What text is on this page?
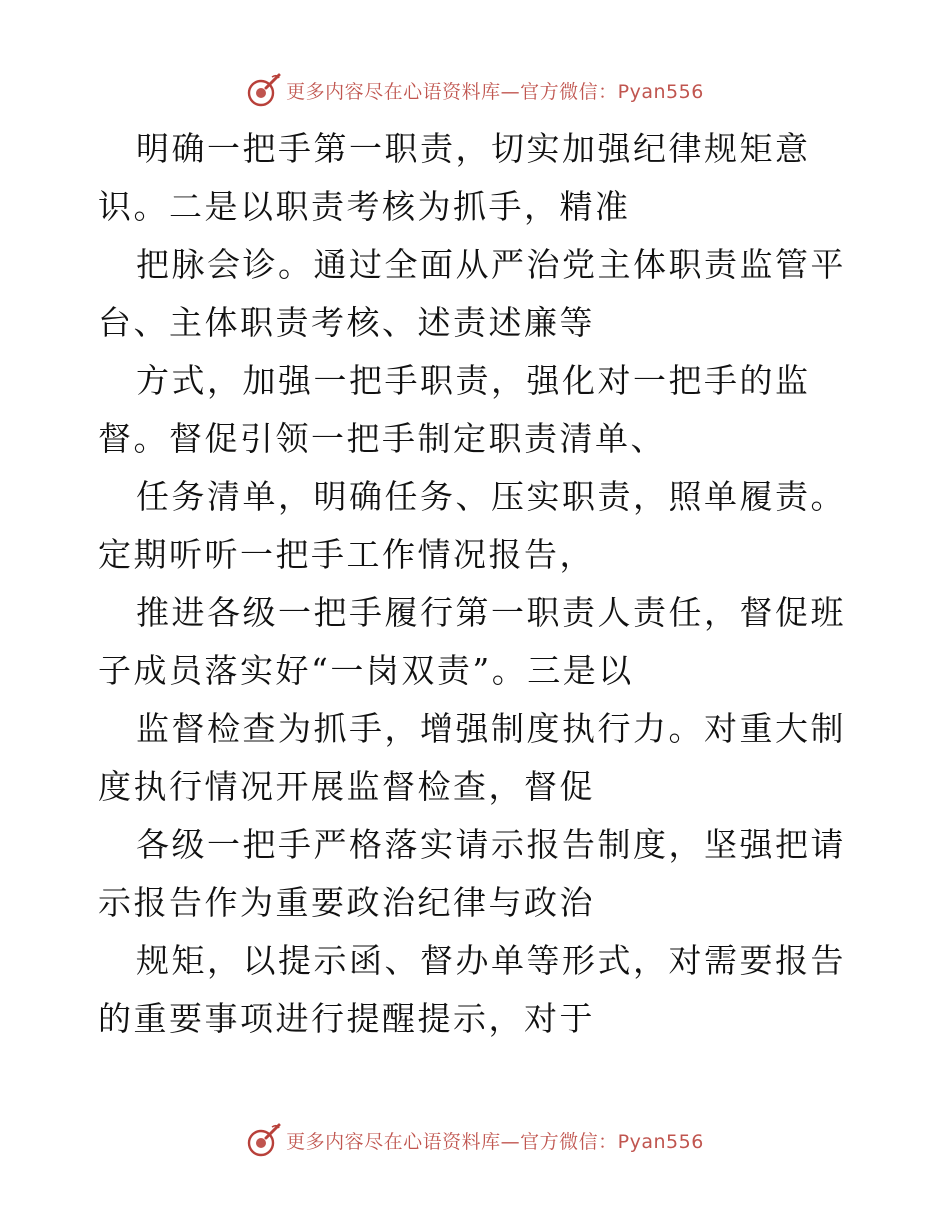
更多内容尽在心语资料库—官方微信：Pyan556

明确一把手第一职责，切实加强纪律规矩意识。二是以职责考核为抓手，精准

把脉会诊。通过全面从严治党主体职责监管平台、主体职责考核、述责述廉等

方式，加强一把手职责，强化对一把手的监督。督促引领一把手制定职责清单、

任务清单，明确任务、压实职责，照单履责。定期听听一把手工作情况报告，

推进各级一把手履行第一职责人责任，督促班子成员落实好“一岗双责”。三是以

监督检查为抓手，增强制度执行力。对重大制度执行情况开展监督检查，督促

各级一把手严格落实请示报告制度，坚强把请示报告作为重要政治纪律与政治

规矩，以提示函、督办单等形式，对需要报告的重要事项进行提醒提示，对于

更多内容尽在心语资料库—官方微信：Pyan556
